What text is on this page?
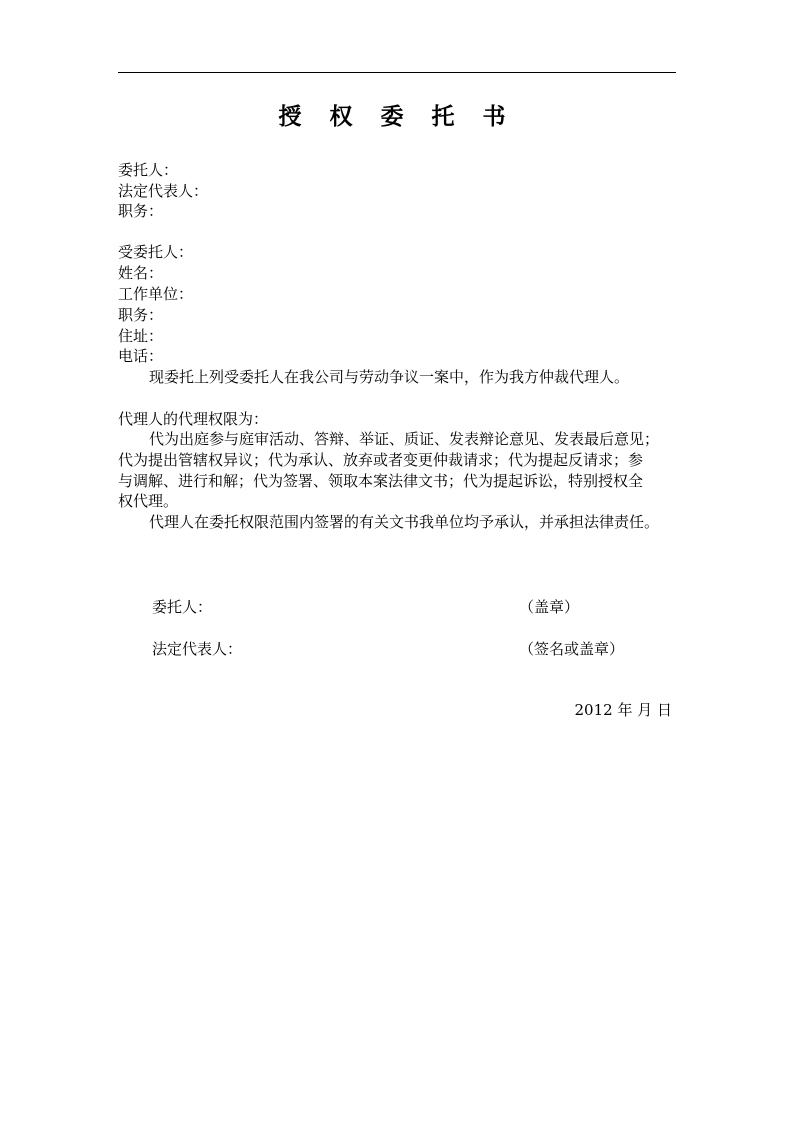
授 权 委 托 书
委托人：
法定代表人：
职务：
受委托人：
姓名：
工作单位：
职务：
住址：
电话：
现委托上列受委托人在我公司与劳动争议一案中，作为我方仲裁代理人。
代理人的代理权限为：
代为出庭参与庭审活动、答辩、举证、质证、发表辩论意见、发表最后意见；
代为提出管辖权异议；代为承认、放弃或者变更仲裁请求；代为提起反请求；参
与调解、进行和解；代为签署、领取本案法律文书；代为提起诉讼，特别授权全
权代理。
代理人在委托权限范围内签署的有关文书我单位均予承认，并承担法律责任。
委托人：	（盖章）
法定代表人：	（签名或盖章）
2012 年 月 日
